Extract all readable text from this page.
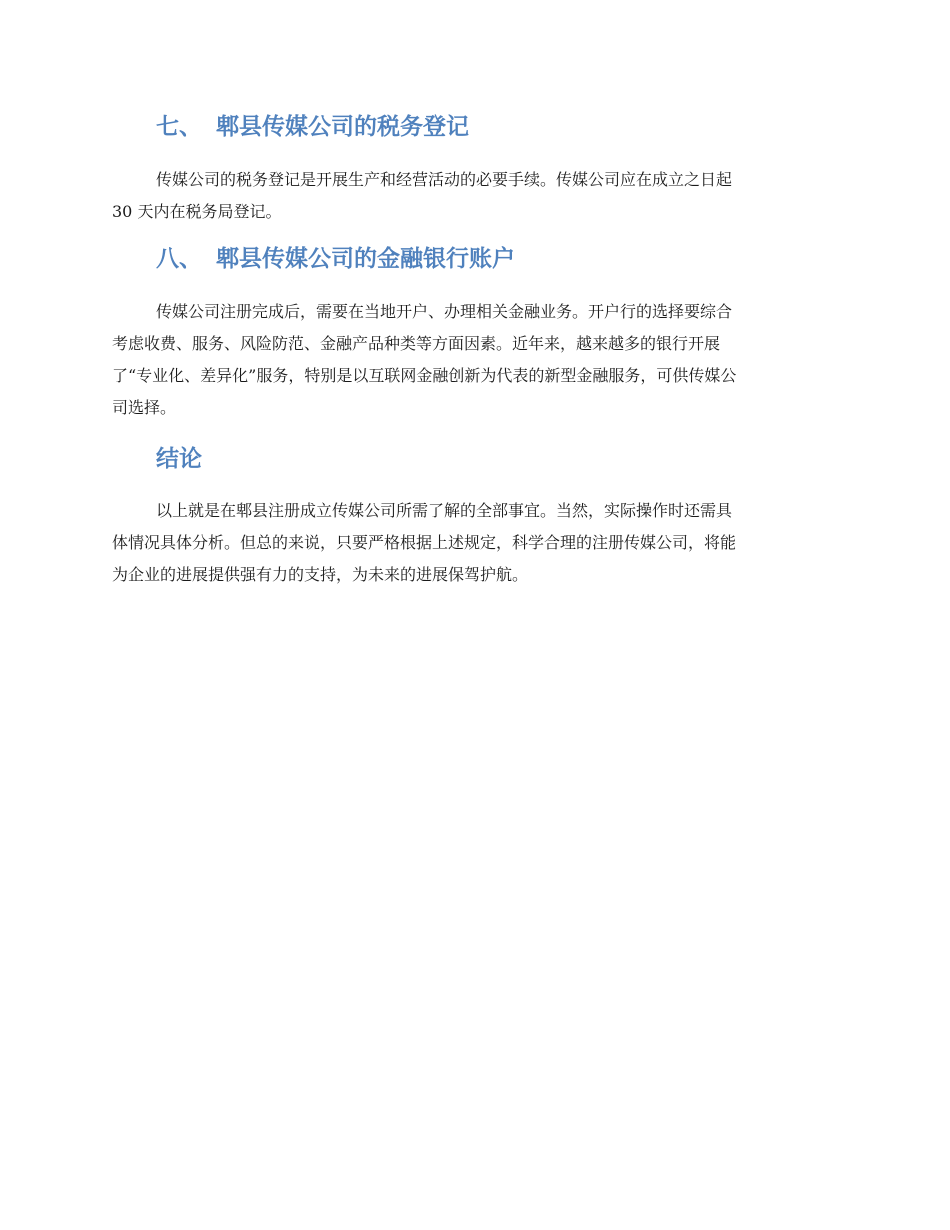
七、 郫县传媒公司的税务登记

传媒公司的税务登记是开展生产和经营活动的必要手续。传媒公司应在成立之日起
30 天内在税务局登记。

八、 郫县传媒公司的金融银行账户

传媒公司注册完成后，需要在当地开户、办理相关金融业务。开户行的选择要综合
考虑收费、服务、风险防范、金融产品种类等方面因素。近年来，越来越多的银行开展
了“专业化、差异化”服务，特别是以互联网金融创新为代表的新型金融服务，可供传媒公
司选择。

结论

以上就是在郫县注册成立传媒公司所需了解的全部事宜。当然，实际操作时还需具
体情况具体分析。但总的来说，只要严格根据上述规定，科学合理的注册传媒公司，将能
为企业的进展提供强有力的支持，为未来的进展保驾护航。
